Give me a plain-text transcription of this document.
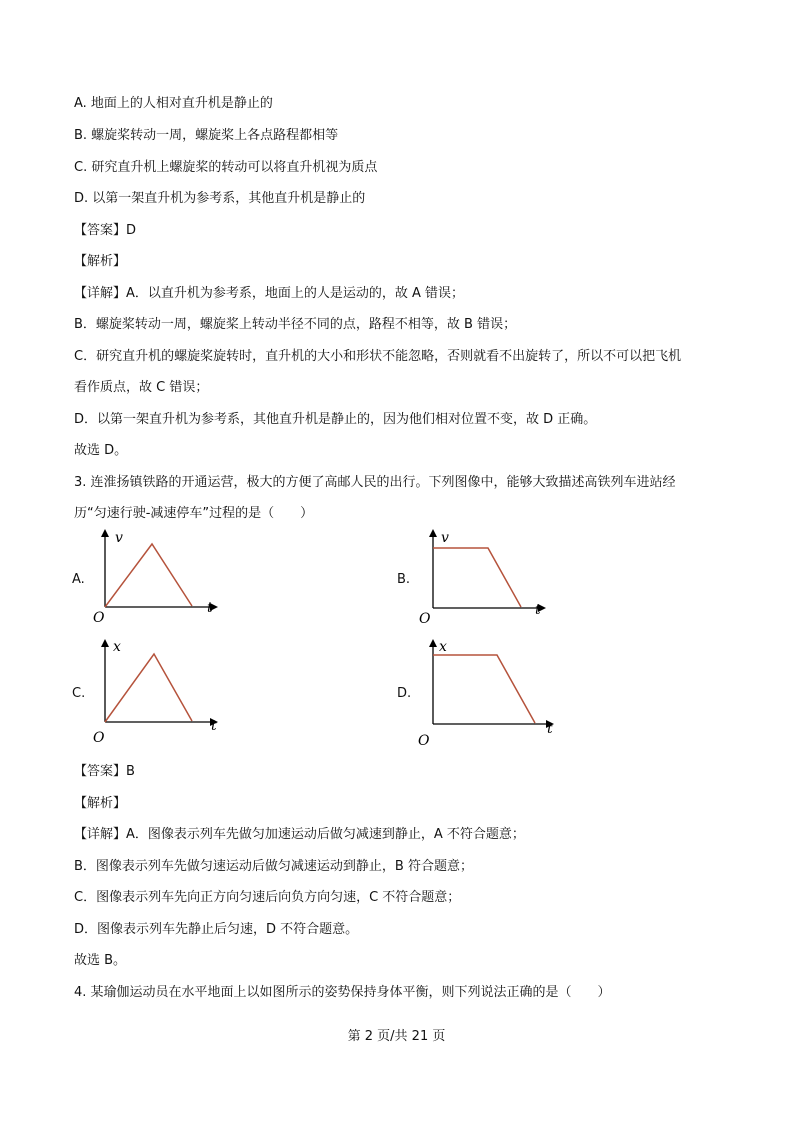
A. 地面上的人相对直升机是静止的
B. 螺旋桨转动一周，螺旋桨上各点路程都相等
C. 研究直升机上螺旋桨的转动可以将直升机视为质点
D. 以第一架直升机为参考系，其他直升机是静止的
【答案】D
【解析】
【详解】A．以直升机为参考系，地面上的人是运动的，故 A 错误；
B．螺旋桨转动一周，螺旋桨上转动半径不同的点，路程不相等，故 B 错误；
C．研究直升机的螺旋桨旋转时，直升机的大小和形状不能忽略，否则就看不出旋转了，所以不可以把飞机
看作质点，故 C 错误；
D．以第一架直升机为参考系，其他直升机是静止的，因为他们相对位置不变，故 D 正确。
故选 D。
3. 连淮扬镇铁路的开通运营，极大的方便了高邮人民的出行。下列图像中，能够大致描述高铁列车进站经
历“匀速行驶-减速停车”过程的是（　　）
A.
v
t
O
B.
v
t
O
C.
x
t
O
D.
x
t
O
【答案】B
【解析】
【详解】A．图像表示列车先做匀加速运动后做匀减速到静止，A 不符合题意；
B．图像表示列车先做匀速运动后做匀减速运动到静止，B 符合题意；
C．图像表示列车先向正方向匀速后向负方向匀速，C 不符合题意；
D．图像表示列车先静止后匀速，D 不符合题意。
故选 B。
4. 某瑜伽运动员在水平地面上以如图所示的姿势保持身体平衡，则下列说法正确的是（　　）
第 2 页/共 21 页
